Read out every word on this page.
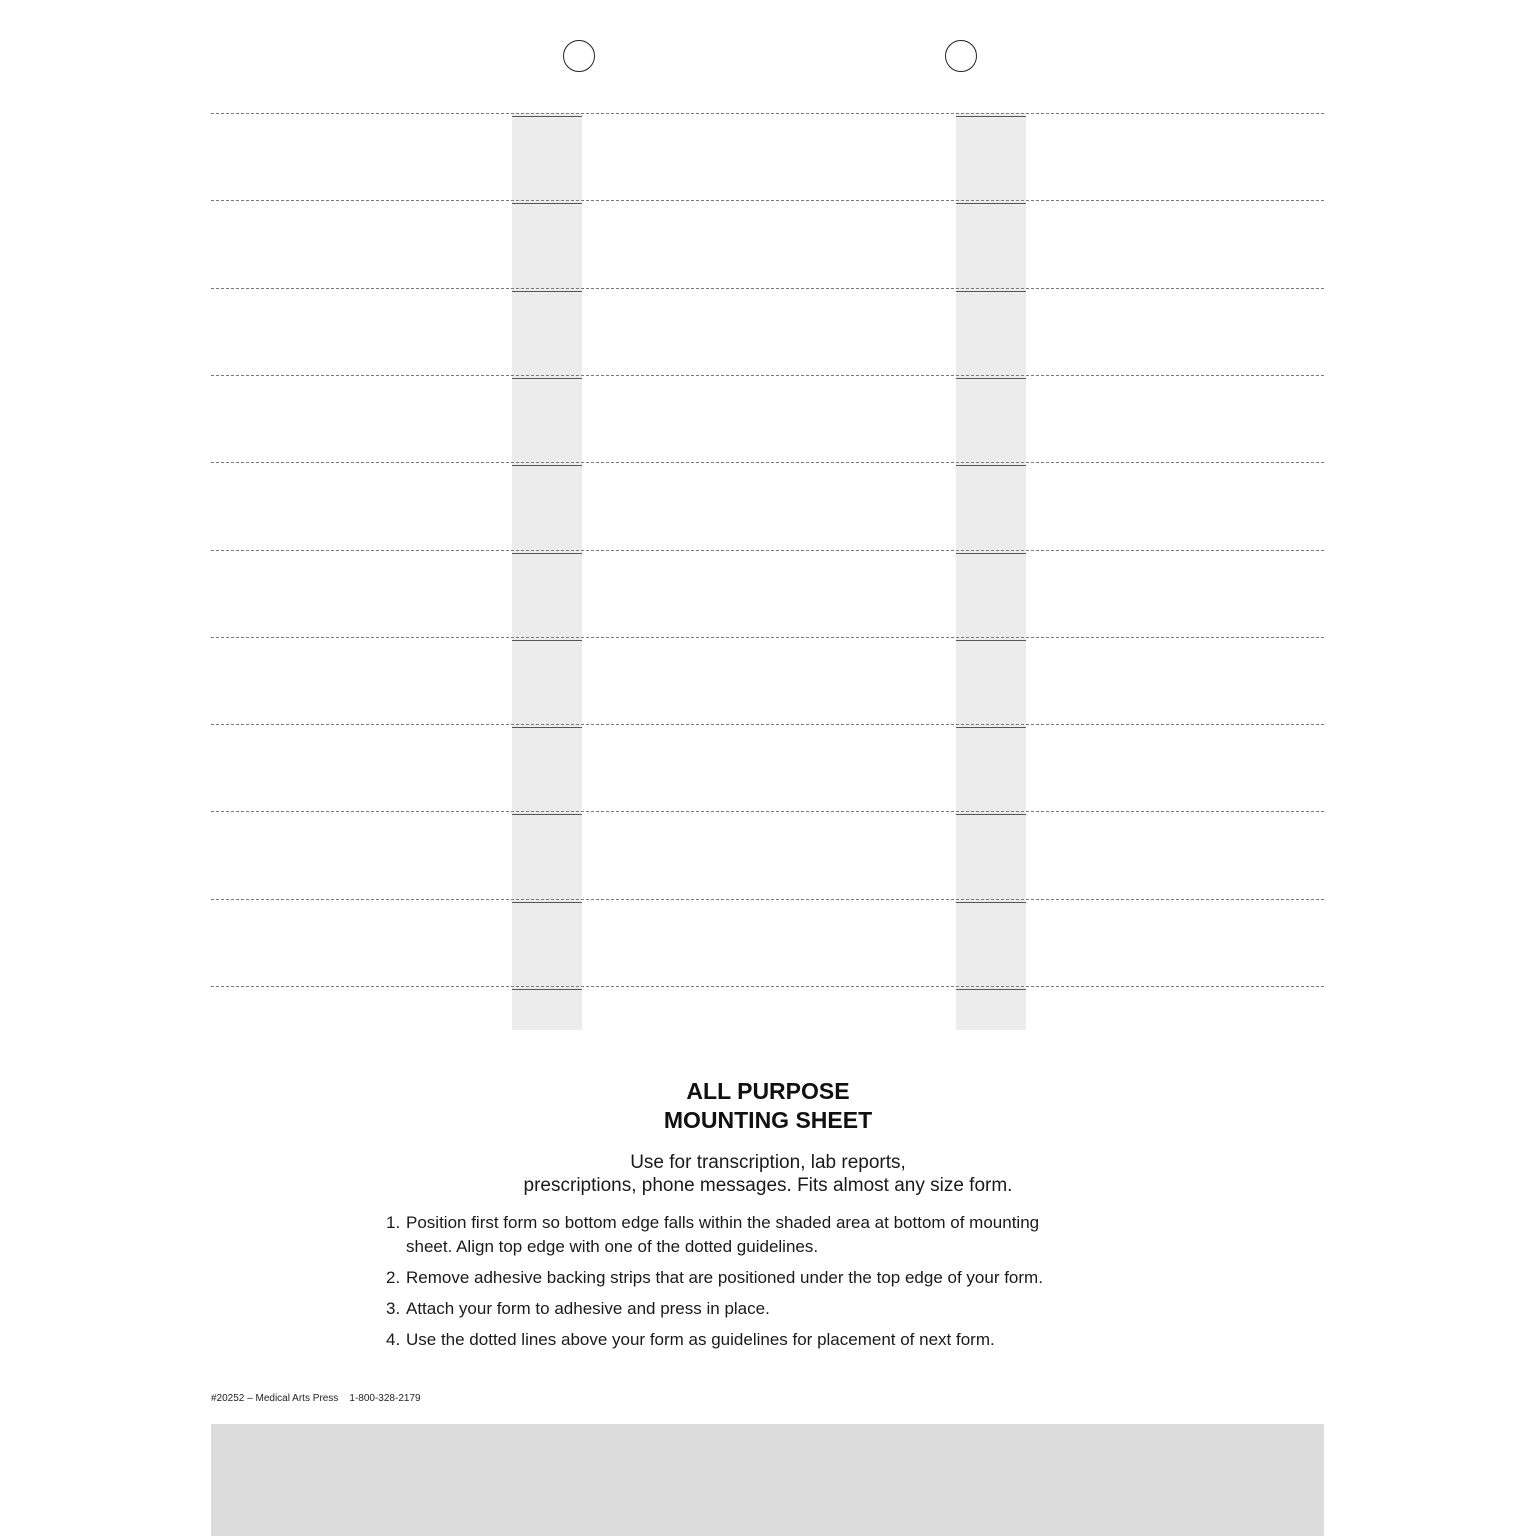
ALL PURPOSE
MOUNTING SHEET
Use for transcription, lab reports,
prescriptions, phone messages. Fits almost any size form.
1. Position first form so bottom edge falls within the shaded area at bottom of mounting
sheet. Align top edge with one of the dotted guidelines.
2. Remove adhesive backing strips that are positioned under the top edge of your form.
3. Attach your form to adhesive and press in place.
4. Use the dotted lines above your form as guidelines for placement of next form.
#20252 – Medical Arts Press    1-800-328-2179
